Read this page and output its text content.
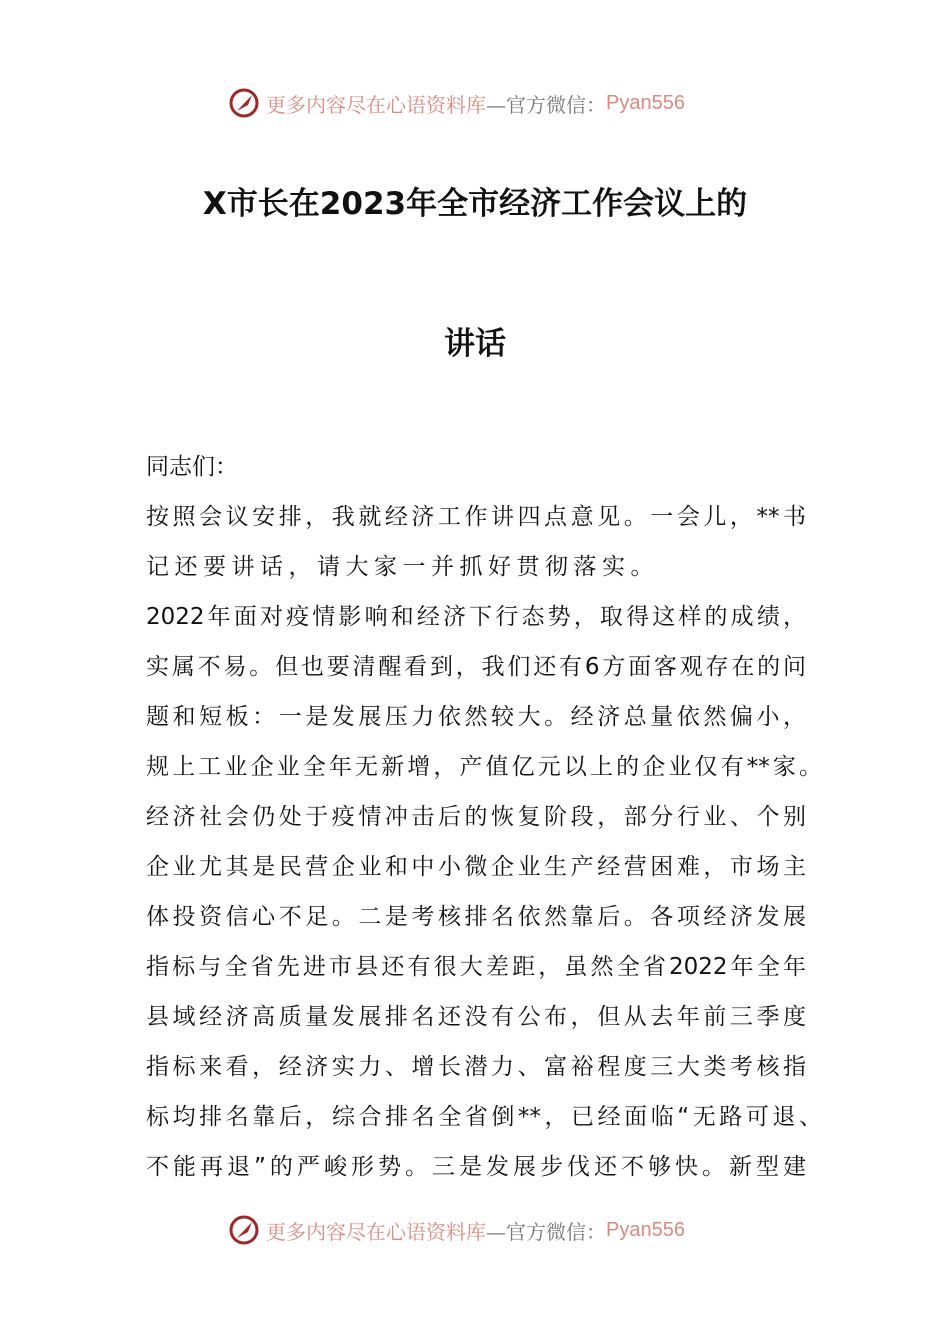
更多内容尽在心语资料库 —官方微信： Pyan556
X市长在2023年全市经济工作会议上的
讲话
同志们：
按照会议安排，我就经济工作讲四点意见。一会儿，**书
记还要讲话，请大家一并抓好贯彻落实。
2022年面对疫情影响和经济下行态势，取得这样的成绩，
实属不易。但也要清醒看到，我们还有6方面客观存在的问
题和短板：一是发展压力依然较大。经济总量依然偏小，
规上工业企业全年无新增，产值亿元以上的企业仅有**家。
经济社会仍处于疫情冲击后的恢复阶段，部分行业、个别
企业尤其是民营企业和中小微企业生产经营困难，市场主
体投资信心不足。二是考核排名依然靠后。各项经济发展
指标与全省先进市县还有很大差距，虽然全省2022年全年
县域经济高质量发展排名还没有公布，但从去年前三季度
指标来看，经济实力、增长潜力、富裕程度三大类考核指
标均排名靠后，综合排名全省倒**，已经面临“无路可退、
不能再退”的严峻形势。三是发展步伐还不够快。新型建
更多内容尽在心语资料库 —官方微信： Pyan556
